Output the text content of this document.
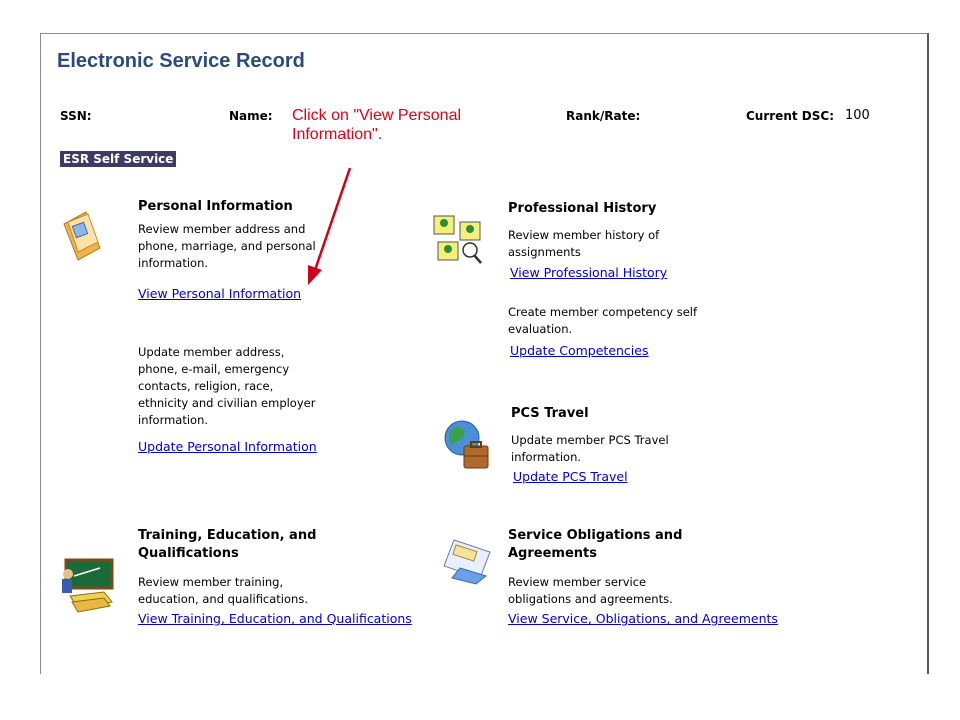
Electronic Service Record
SSN:	Name:	Rank/Rate:	Current DSC: 100
Click on "View Personal
Information".
ESR Self Service
Personal Information
Review member address and
phone, marriage, and personal
information.
View Personal Information
Update member address,
phone, e-mail, emergency
contacts, religion, race,
ethnicity and civilian employer
information.
Update Personal Information
Professional History
Review member history of
assignments
View Professional History
Create member competency self
evaluation.
Update Competencies
PCS Travel
Update member PCS Travel
information.
Update PCS Travel
Training, Education, and
Qualifications
Review member training,
education, and qualifications.
View Training, Education, and Qualifications
Service Obligations and
Agreements
Review member service
obligations and agreements.
View Service, Obligations, and Agreements
